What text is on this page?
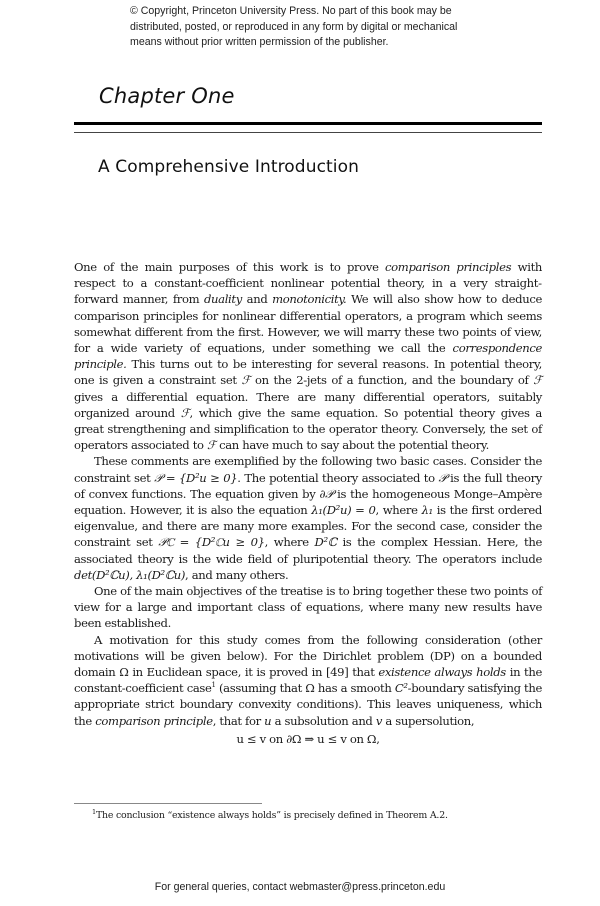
© Copyright, Princeton University Press. No part of this book may be
distributed, posted, or reproduced in any form by digital or mechanical
means without prior written permission of the publisher.
Chapter One
A Comprehensive Introduction

One of the main purposes of this work is to prove comparison principles with respect to a constant-coefficient nonlinear potential theory, in a very straightforward manner, from duality and monotonicity. We will also show how to deduce comparison principles for nonlinear differential operators, a program which seems somewhat different from the first. However, we will marry these two points of view, for a wide variety of equations, under something we call the correspondence principle. This turns out to be interesting for several reasons. In potential theory, one is given a constraint set ℱ on the 2-jets of a function, and the boundary of ℱ gives a differential equation. There are many differential operators, suitably organized around ℱ, which give the same equation. So potential theory gives a great strengthening and simplification to the operator theory. Conversely, the set of operators associated to ℱ can have much to say about the potential theory.

These comments are exemplified by the following two basic cases. Consider the constraint set 𝒫 = {D²u ≥ 0}. The potential theory associated to 𝒫 is the full theory of convex functions. The equation given by ∂𝒫 is the homogeneous Monge–Ampère equation. However, it is also the equation λ₁(D²u) = 0, where λ₁ is the first ordered eigenvalue, and there are many more examples. For the second case, consider the constraint set 𝒫ℂ = {D²ℂu ≥ 0}, where D²ℂ is the complex Hessian. Here, the associated theory is the wide field of pluripotential theory. The operators include det(D²ℂu), λ₁(D²ℂu), and many others.

One of the main objectives of the treatise is to bring together these two points of view for a large and important class of equations, where many new results have been established.

A motivation for this study comes from the following consideration (other motivations will be given below). For the Dirichlet problem (DP) on a bounded domain Ω in Euclidean space, it is proved in [49] that existence always holds in the constant-coefficient case$^1$ (assuming that Ω has a smooth C²-boundary satisfying the appropriate strict boundary convexity conditions). This leaves uniqueness, which the comparison principle, that for u a subsolution and v a supersolution,

u ≤ v on ∂Ω ⇒ u ≤ v on Ω,
$^1$The conclusion “existence always holds” is precisely defined in Theorem A.2.
For general queries, contact webmaster@press.princeton.edu
